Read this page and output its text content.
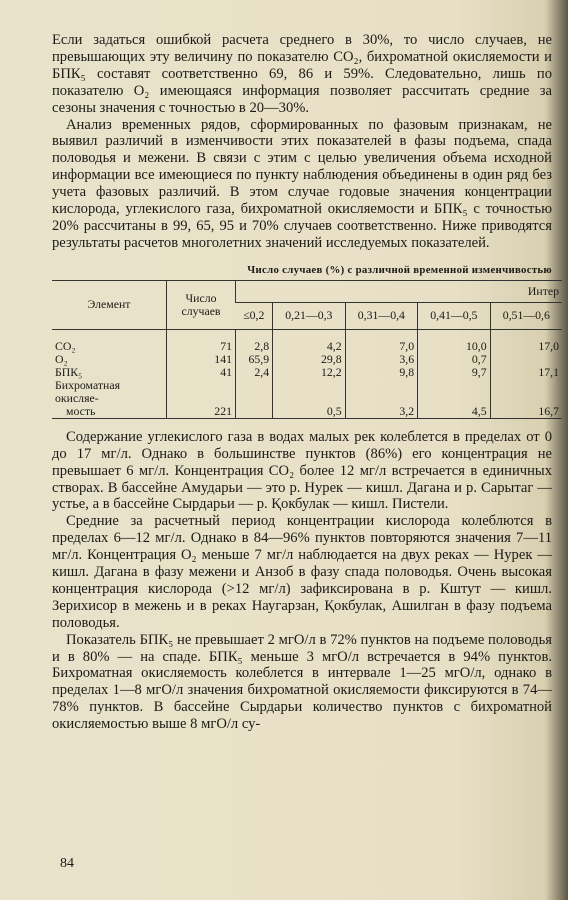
Если задаться ошибкой расчета среднего в 30%, то число случаев, не превышающих эту величину по показателю CO₂, бихроматной окисляемости и БПК₅ составят соответственно 69, 86 и 59%. Следовательно, лишь по показателю O₂ имеющаяся информация позволяет рассчитать средние за сезоны значения с точностью в 20—30%.

Анализ временных рядов, сформированных по фазовым признакам, не выявил различий в изменчивости этих показателей в фазы подъема, спада половодья и межени. В связи с этим с целью увеличения объема исходной информации все имеющиеся по пункту наблюдения объединены в один ряд без учета фазовых различий. В этом случае годовые значения концентрации кислорода, углекислого газа, бихроматной окисляемости и БПК₅ с точностью 20% рассчитаны в 99, 65, 95 и 70% случаев соответственно. Ниже приводятся результаты расчетов многолетних значений исследуемых показателей.

Число случаев (%) с различной временной изменчивостью
Элемент	Число случаев	Интер				
		≤0,2	0,21—0,3	0,31—0,4	0,41—0,5	0,51—0,6
CO₂	71	2,8	4,2	7,0	10,0	17,0
O₂	141	65,9	29,8	3,6	0,7	
БПК₅	41	2,4	12,2	9,8	9,7	17,1
Бихроматная окисляе-						
мость	221		0,5	3,2	4,5	16,7

Содержание углекислого газа в водах малых рек колеблется в пределах от 0 до 17 мг/л. Однако в большинстве пунктов (86%) его концентрация не превышает 6 мг/л. Концентрация CO₂ более 12 мг/л встречается в единичных створах. В бассейне Амударьи — это р. Нурек — кишл. Дагана и р. Сарытаг — устье, а в бассейне Сырдарьи — р. Қокбулак — кишл. Пистели.

Средние за расчетный период концентрации кислорода колеблются в пределах 6—12 мг/л. Однако в 84—96% пунктов повторяются значения 7—11 мг/л. Концентрация O₂ меньше 7 мг/л наблюдается на двух реках — Нурек — кишл. Дагана в фазу межени и Анзоб в фазу спада половодья. Очень высокая концентрация кислорода (>12 мг/л) зафиксирована в р. Кштут — кишл. Зерихисор в межень и в реках Наугарзан, Қокбулак, Ашилган в фазу подъема половодья.

Показатель БПК₅ не превышает 2 мгO/л в 72% пунктов на подъеме половодья и в 80% — на спаде. БПК₅ меньше 3 мгO/л встречается в 94% пунктов. Бихроматная окисляемость колеблется в интервале 1—25 мгO/л, однако в пределах 1—8 мгO/л значения бихроматной окисляемости фиксируются в 74—78% пунктов. В бассейне Сырдарьи количество пунктов с бихроматной окисляемостью выше 8 мгO/л су-

84
